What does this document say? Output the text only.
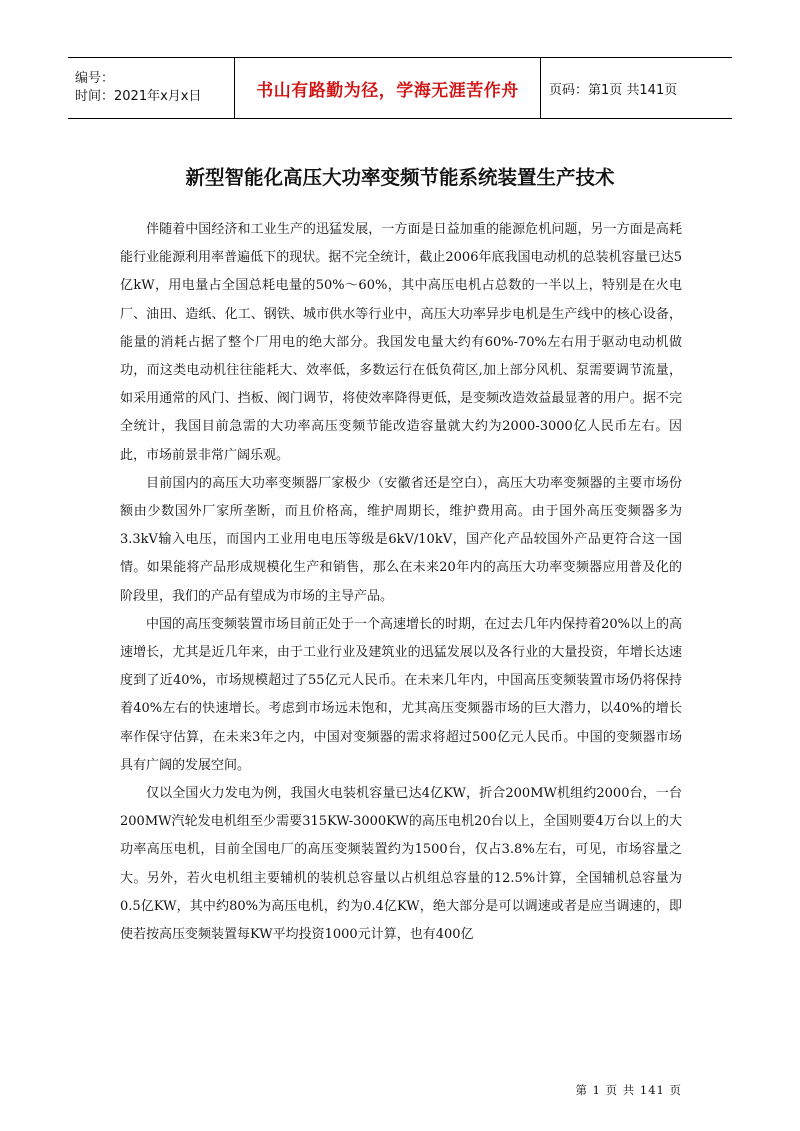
编号：
时间：2021年x月x日	书山有路勤为径，学海无涯苦作舟 页码：第1页 共141页
新型智能化高压大功率变频节能系统装置生产技术

伴随着中国经济和工业生产的迅猛发展，一方面是日益加重的能源危机问题，另一方面是高耗能行业能源利用率普遍低下的现状。据不完全统计，截止2006年底我国电动机的总装机容量已达5亿kW，用电量占全国总耗电量的50%～60%，其中高压电机占总数的一半以上，特别是在火电厂、油田、造纸、化工、钢铁、城市供水等行业中，高压大功率异步电机是生产线中的核心设备，能量的消耗占据了整个厂用电的绝大部分。我国发电量大约有60%-70%左右用于驱动电动机做功，而这类电动机往往能耗大、效率低，多数运行在低负荷区,加上部分风机、泵需要调节流量，如采用通常的风门、挡板、阀门调节，将使效率降得更低，是变频改造效益最显著的用户。据不完全统计，我国目前急需的大功率高压变频节能改造容量就大约为2000-3000亿人民币左右。因此，市场前景非常广阔乐观。

目前国内的高压大功率变频器厂家极少（安徽省还是空白），高压大功率变频器的主要市场份额由少数国外厂家所垄断，而且价格高，维护周期长，维护费用高。由于国外高压变频器多为3.3kV输入电压，而国内工业用电电压等级是6kV/10kV，国产化产品较国外产品更符合这一国情。如果能将产品形成规模化生产和销售，那么在未来20年内的高压大功率变频器应用普及化的阶段里，我们的产品有望成为市场的主导产品。

中国的高压变频装置市场目前正处于一个高速增长的时期，在过去几年内保持着20%以上的高速增长，尤其是近几年来，由于工业行业及建筑业的迅猛发展以及各行业的大量投资，年增长达速度到了近40%，市场规模超过了55亿元人民币。在未来几年内，中国高压变频装置市场仍将保持着40%左右的快速增长。考虑到市场远未饱和，尤其高压变频器市场的巨大潜力，以40%的增长率作保守估算，在未来3年之内，中国对变频器的需求将超过500亿元人民币。中国的变频器市场具有广阔的发展空间。

仅以全国火力发电为例，我国火电装机容量已达4亿KW，折合200MW机组约2000台，一台200MW汽轮发电机组至少需要315KW-3000KW的高压电机20台以上，全国则要4万台以上的大功率高压电机，目前全国电厂的高压变频装置约为1500台，仅占3.8%左右，可见，市场容量之大。另外，若火电机组主要辅机的装机总容量以占机组总容量的12.5%计算，全国辅机总容量为0.5亿KW，其中约80%为高压电机，约为0.4亿KW，绝大部分是可以调速或者是应当调速的，即使若按高压变频装置每KW平均投资1000元计算，也有400亿

第 1 页 共 141 页
